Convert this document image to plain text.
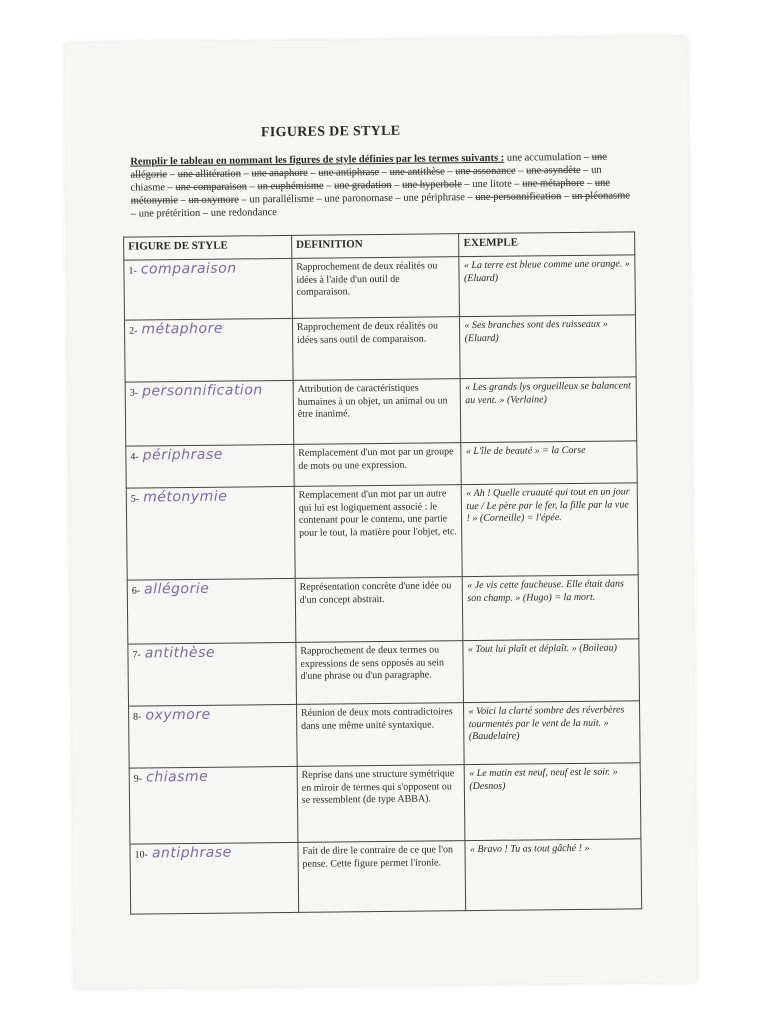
FIGURES DE STYLE
Remplir le tableau en nommant les figures de style définies par les termes suivants : une accumulation – une allégorie – une allitération – une anaphore – une antiphrase – une antithèse – une assonance – une asyndète – un chiasme – une comparaison – un euphémisme – une gradation – une hyperbole – une litote – une métaphore – une métonymie – un oxymore – un parallélisme – une paronomase – une périphrase – une personnification – un pléonasme – une prétérition – une redondance
FIGURE DE STYLE	DEFINITION	EXEMPLE
1- comparaison	Rapprochement de deux réalités ou idées à l'aide d'un outil de comparaison.	« La terre est bleue comme une orange. » (Eluard)
2- métaphore	Rapprochement de deux réalités ou idées sans outil de comparaison.	« Ses branches sont des ruisseaux » (Eluard)
3- personnification	Attribution de caractéristiques humaines à un objet, un animal ou un être inanimé.	« Les grands lys orgueilleux se balancent au vent. » (Verlaine)
4- périphrase	Remplacement d'un mot par un groupe de mots ou une expression.	« L'île de beauté » = la Corse
5- métonymie	Remplacement d'un mot par un autre qui lui est logiquement associé : le contenant pour le contenu, une partie pour le tout, la matière pour l'objet, etc.	« Ah ! Quelle cruauté qui tout en un jour tue / Le père par le fer, la fille par la vue ! » (Corneille) = l'épée.
6- allégorie	Représentation concrète d'une idée ou d'un concept abstrait.	« Je vis cette faucheuse. Elle était dans son champ. » (Hugo) = la mort.
7- antithèse	Rapprochement de deux termes ou expressions de sens opposés au sein d'une phrase ou d'un paragraphe.	« Tout lui plaît et déplaît. » (Boileau)
8- oxymore	Réunion de deux mots contradictoires dans une même unité syntaxique.	« Voici la clarté sombre des réverbères tourmentés par le vent de la nuit. » (Baudelaire)
9- chiasme	Reprise dans une structure symétrique en miroir de termes qui s'opposent ou se ressemblent (de type ABBA).	« Le matin est neuf, neuf est le soir. » (Desnos)
10- antiphrase	Fait de dire le contraire de ce que l'on pense. Cette figure permet l'ironie.	« Bravo ! Tu as tout gâché ! »
